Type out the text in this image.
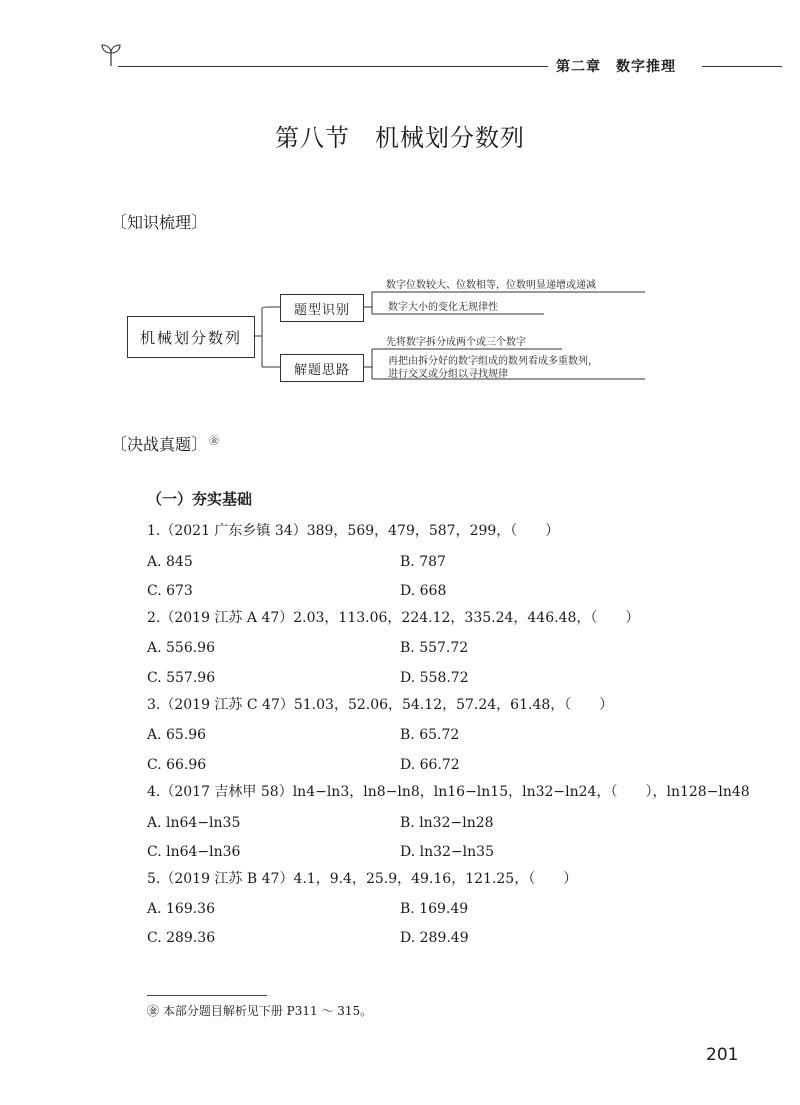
第二章　数字推理
第八节　机械划分数列
〔知识梳理〕
机械划分数列
题型识别
解题思路
数字位数较大、位数相等，位数明显递增或递减
数字大小的变化无规律性
先将数字拆分成两个或三个数字
再把由拆分好的数字组成的数列看成多重数列，
进行交叉或分组以寻找规律
〔决战真题〕㊎
（一）夯实基础
1.（2021 广东乡镇 34）389，569，479，587，299，（　　）
A. 845	B. 787
C. 673	D. 668
2.（2019 江苏 A 47）2.03，113.06，224.12，335.24，446.48，（　　）
A. 556.96	B. 557.72
C. 557.96	D. 558.72
3.（2019 江苏 C 47）51.03，52.06，54.12，57.24，61.48，（　　）
A. 65.96	B. 65.72
C. 66.96	D. 66.72
4.（2017 吉林甲 58）ln4−ln3，ln8−ln8，ln16−ln15，ln32−ln24，（　　），ln128−ln48
A. ln64−ln35	B. ln32−ln28
C. ln64−ln36	D. ln32−ln35
5.（2019 江苏 B 47）4.1，9.4，25.9，49.16，121.25，（　　）
A. 169.36	B. 169.49
C. 289.36	D. 289.49
㊎ 本部分题目解析见下册 P311 ～ 315。
201
